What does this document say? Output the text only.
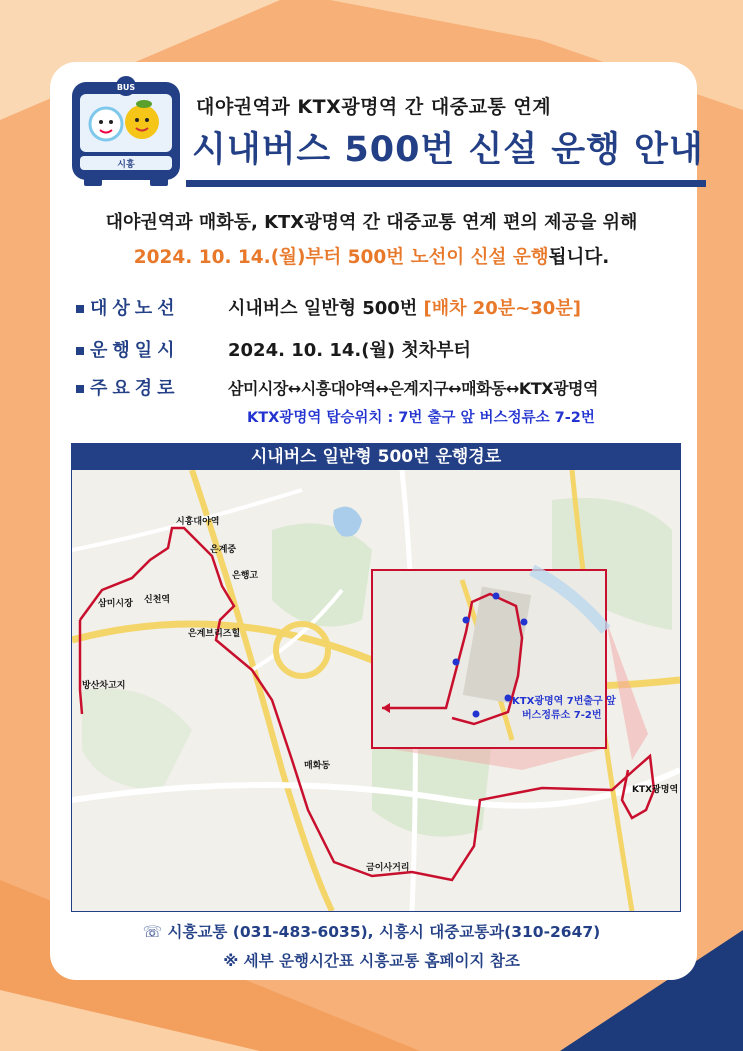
BUS
시흥
대야권역과 KTX광명역 간 대중교통 연계
시내버스 500번 신설 운행 안내
대야권역과 매화동, KTX광명역 간 대중교통 연계 편의 제공을 위해
2024. 10. 14.(월)부터 500번 노선이 신설 운행됩니다.
대상노선	시내버스 일반형 500번 [배차 20분~30분]
운행일시	2024. 10. 14.(월) 첫차부터
주요경로	삼미시장↔시흥대야역↔은계지구↔매화동↔KTX광명역
KTX광명역 탑승위치 : 7번 출구 앞 버스정류소 7-2번
시내버스 일반형 500번 운행경로
KTX광명역 7번출구 앞
버스정류소 7-2번
시흥대야역
은계중
은행고
삼미시장 신천역
은계브리즈힐
방산차고지
매화동
금이사거리
KTX광명역
☏ 시흥교통 (031-483-6035), 시흥시 대중교통과(310-2647)
※ 세부 운행시간표 시흥교통 홈페이지 참조
